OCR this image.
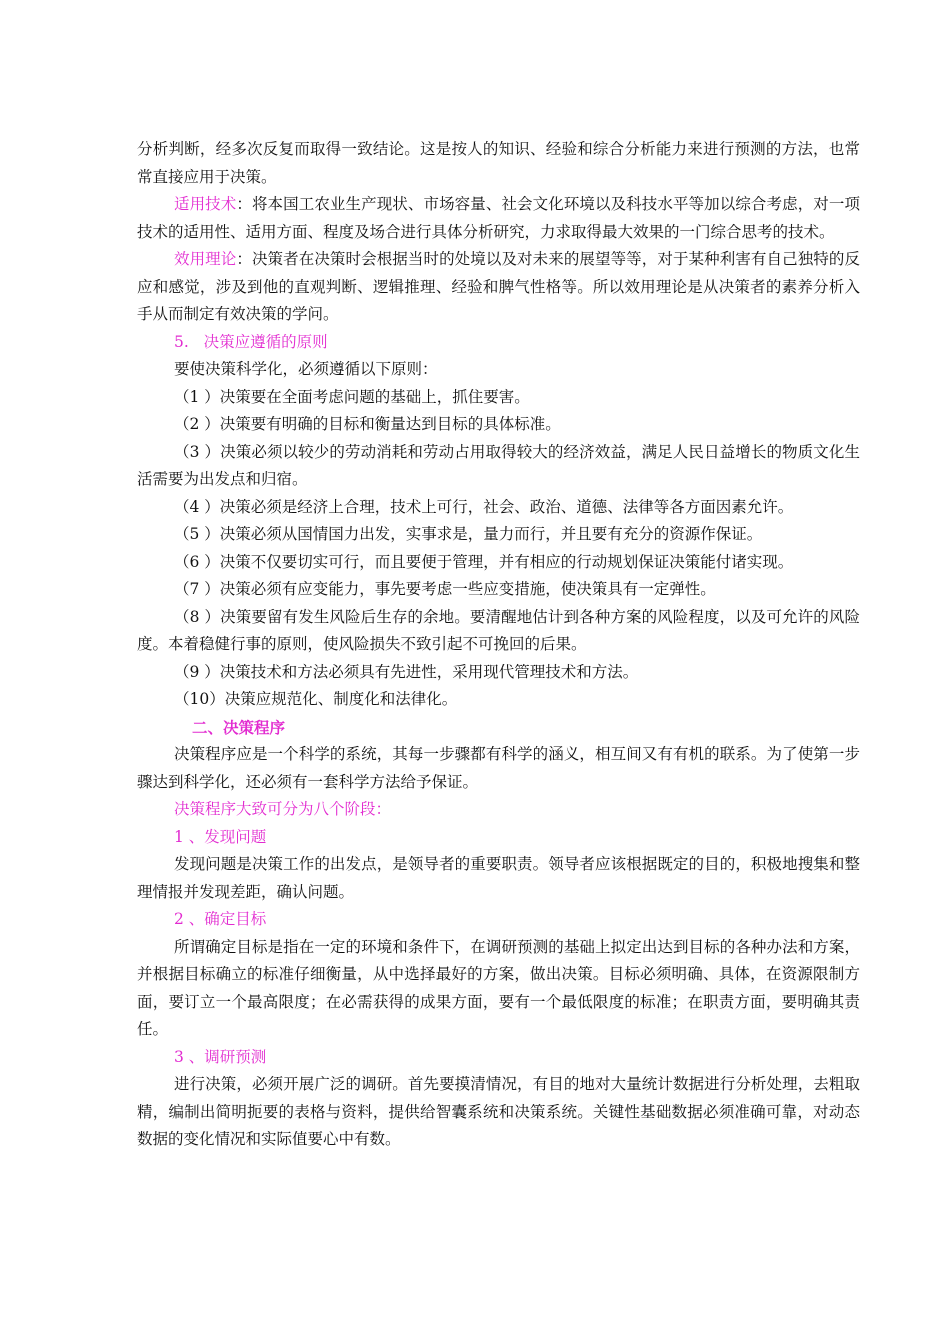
分析判断，经多次反复而取得一致结论。这是按人的知识、经验和综合分析能力来进行预测的方法，也常常直接应用于决策。

适用技术：将本国工农业生产现状、市场容量、社会文化环境以及科技水平等加以综合考虑，对一项技术的适用性、适用方面、程度及场合进行具体分析研究，力求取得最大效果的一门综合思考的技术。

效用理论：决策者在决策时会根据当时的处境以及对未来的展望等等，对于某种利害有自己独特的反应和感觉，涉及到他的直观判断、逻辑推理、经验和脾气性格等。所以效用理论是从决策者的素养分析入手从而制定有效决策的学问。

5.   决策应遵循的原则

要使决策科学化，必须遵循以下原则：

（1 ）决策要在全面考虑问题的基础上，抓住要害。

（2 ）决策要有明确的目标和衡量达到目标的具体标准。

（3 ）决策必须以较少的劳动消耗和劳动占用取得较大的经济效益，满足人民日益增长的物质文化生活需要为出发点和归宿。

（4 ）决策必须是经济上合理，技术上可行，社会、政治、道德、法律等各方面因素允许。

（5 ）决策必须从国情国力出发，实事求是，量力而行，并且要有充分的资源作保证。

（6 ）决策不仅要切实可行，而且要便于管理，并有相应的行动规划保证决策能付诸实现。

（7 ）决策必须有应变能力，事先要考虑一些应变措施，使决策具有一定弹性。

（8 ）决策要留有发生风险后生存的余地。要清醒地估计到各种方案的风险程度，以及可允许的风险度。本着稳健行事的原则，使风险损失不致引起不可挽回的后果。

（9 ）决策技术和方法必须具有先进性，采用现代管理技术和方法。

（10）决策应规范化、制度化和法律化。

二、决策程序

决策程序应是一个科学的系统，其每一步骤都有科学的涵义，相互间又有有机的联系。为了使第一步骤达到科学化，还必须有一套科学方法给予保证。

决策程序大致可分为八个阶段：

1 、发现问题

发现问题是决策工作的出发点，是领导者的重要职责。领导者应该根据既定的目的，积极地搜集和整理情报并发现差距，确认问题。

2 、确定目标

所谓确定目标是指在一定的环境和条件下，在调研预测的基础上拟定出达到目标的各种办法和方案，并根据目标确立的标准仔细衡量，从中选择最好的方案，做出决策。目标必须明确、具体，在资源限制方面，要订立一个最高限度；在必需获得的成果方面，要有一个最低限度的标准；在职责方面，要明确其责任。

3 、调研预测

进行决策，必须开展广泛的调研。首先要摸清情况，有目的地对大量统计数据进行分析处理，去粗取精，编制出简明扼要的表格与资料，提供给智囊系统和决策系统。关键性基础数据必须准确可靠，对动态数据的变化情况和实际值要心中有数。
